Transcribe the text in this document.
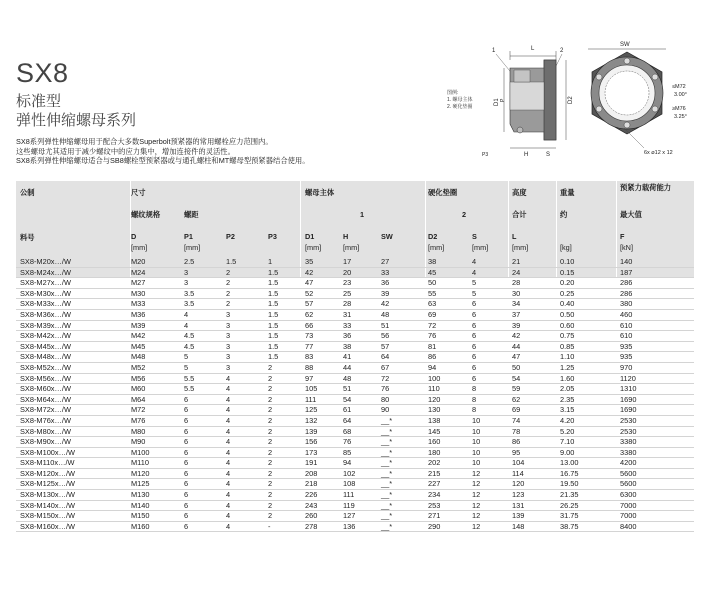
SX8
标准型
弹性伸缩螺母系列
SX8系列弹性伸缩螺母用于配合大多数Superbolt预紧器的常用螺栓应力范围内。
这些螺母尤其适用于减少螺纹中的应力集中，增加连接件的灵活性。
SX8系列弹性伸缩螺母适合与SB8螺栓型预紧器或与通孔螺柱和MT螺母型预紧器结合使用。
L
1	2
D1 P	D2
H	S
P3
图例:
1. 螺母主体
2. 硬化垫圈
SW
≤M72
3.00°
≥M76
3.25°
6x ⌀12 x 12
公制	尺寸	螺母主体	硬化垫圈	高度	重量
预紧力载荷能力
螺纹规格	螺距	1	2	合计	约	最大值
料号	D	P1	P2	P3	D1	H	SW	D2	S	L	F
[mm]	[mm]	[mm]	[mm]	[mm]	[mm]	[mm]	[kg]	[kN]
SX8-M20x…/W	M20	2.5	1.5	1	35	17	27	38	4	21	0.10	140
SX8-M24x…/W	M24	3	2	1.5	42	20	33	45	4	24	0.15	187
SX8-M27x…/W	M27	3	2	1.5	47	23	36	50	5	28	0.20	286
SX8-M30x…/W	M30	3.5	2	1.5	52	25	39	55	5	30	0.25	286
SX8-M33x…/W	M33	3.5	2	1.5	57	28	42	63	6	34	0.40	380
SX8-M36x…/W	M36	4	3	1.5	62	31	48	69	6	37	0.50	460
SX8-M39x…/W	M39	4	3	1.5	66	33	51	72	6	39	0.60	610
SX8-M42x…/W	M42	4.5	3	1.5	73	36	56	76	6	42	0.75	610
SX8-M45x…/W	M45	4.5	3	1.5	77	38	57	81	6	44	0.85	935
SX8-M48x…/W	M48	5	3	1.5	83	41	64	86	6	47	1.10	935
SX8-M52x…/W	M52	5	3	2	88	44	67	94	6	50	1.25	970
SX8-M56x…/W	M56	5.5	4	2	97	48	72	100	6	54	1.60	1120
SX8-M60x…/W	M60	5.5	4	2	105	51	76	110	8	59	2.05	1310
SX8-M64x…/W	M64	6	4	2	111	54	80	120	8	62	2.35	1690
SX8-M72x…/W	M72	6	4	2	125	61	90	130	8	69	3.15	1690
SX8-M76x…/W	M76	6	4	2	132	64	__*	138	10	74	4.20	2530
SX8-M80x…/W	M80	6	4	2	139	68	__*	145	10	78	5.20	2530
SX8-M90x…/W	M90	6	4	2	156	76	__*	160	10	86	7.10	3380
SX8-M100x…/W	M100	6	4	2	173	85	__*	180	10	95	9.00	3380
SX8-M110x…/W	M110	6	4	2	191	94	__*	202	10	104	13.00	4200
SX8-M120x…/W	M120	6	4	2	208	102	__*	215	12	114	16.75	5600
SX8-M125x…/W	M125	6	4	2	218	108	__*	227	12	120	19.50	5600
SX8-M130x…/W	M130	6	4	2	226	111	__*	234	12	123	21.35	6300
SX8-M140x…/W	M140	6	4	2	243	119	__*	253	12	131	26.25	7000
SX8-M150x…/W	M150	6	4	2	260	127	__*	271	12	139	31.75	7000
SX8-M160x…/W	M160	6	4	-	278	136	__*	290	12	148	38.75	8400
